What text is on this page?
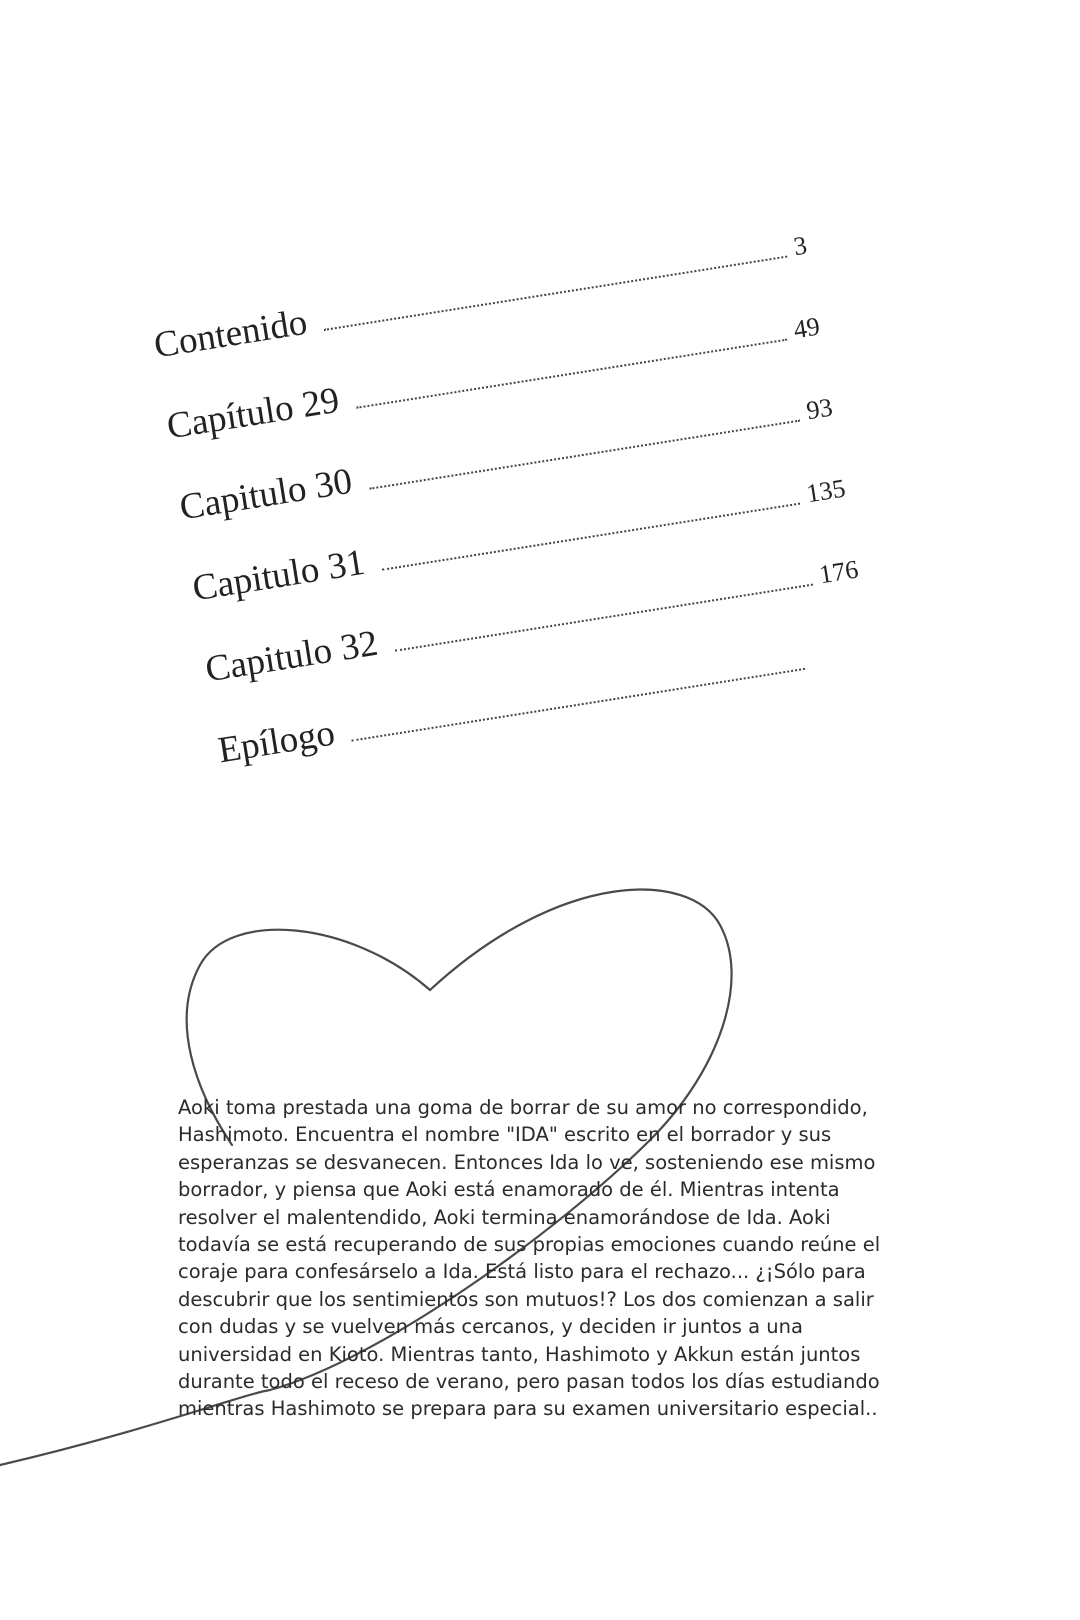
Contenido
3
Capítulo 29
49
Capitulo 30
93
Capitulo 31
135
Capitulo 32
176
Epílogo
Aoki toma prestada una goma de borrar de su amor no correspondido,
Hashimoto. Encuentra el nombre "IDA" escrito en el borrador y sus
esperanzas se desvanecen. Entonces Ida lo ve, sosteniendo ese mismo
borrador, y piensa que Aoki está enamorado de él. Mientras intenta
resolver el malentendido, Aoki termina enamorándose de Ida. Aoki
todavía se está recuperando de sus propias emociones cuando reúne el
coraje para confesárselo a Ida. Está listo para el rechazo... ¿¡Sólo para
descubrir que los sentimientos son mutuos!? Los dos comienzan a salir
con dudas y se vuelven más cercanos, y deciden ir juntos a una
universidad en Kioto. Mientras tanto, Hashimoto y Akkun están juntos
durante todo el receso de verano, pero pasan todos los días estudiando
mientras Hashimoto se prepara para su examen universitario especial..
